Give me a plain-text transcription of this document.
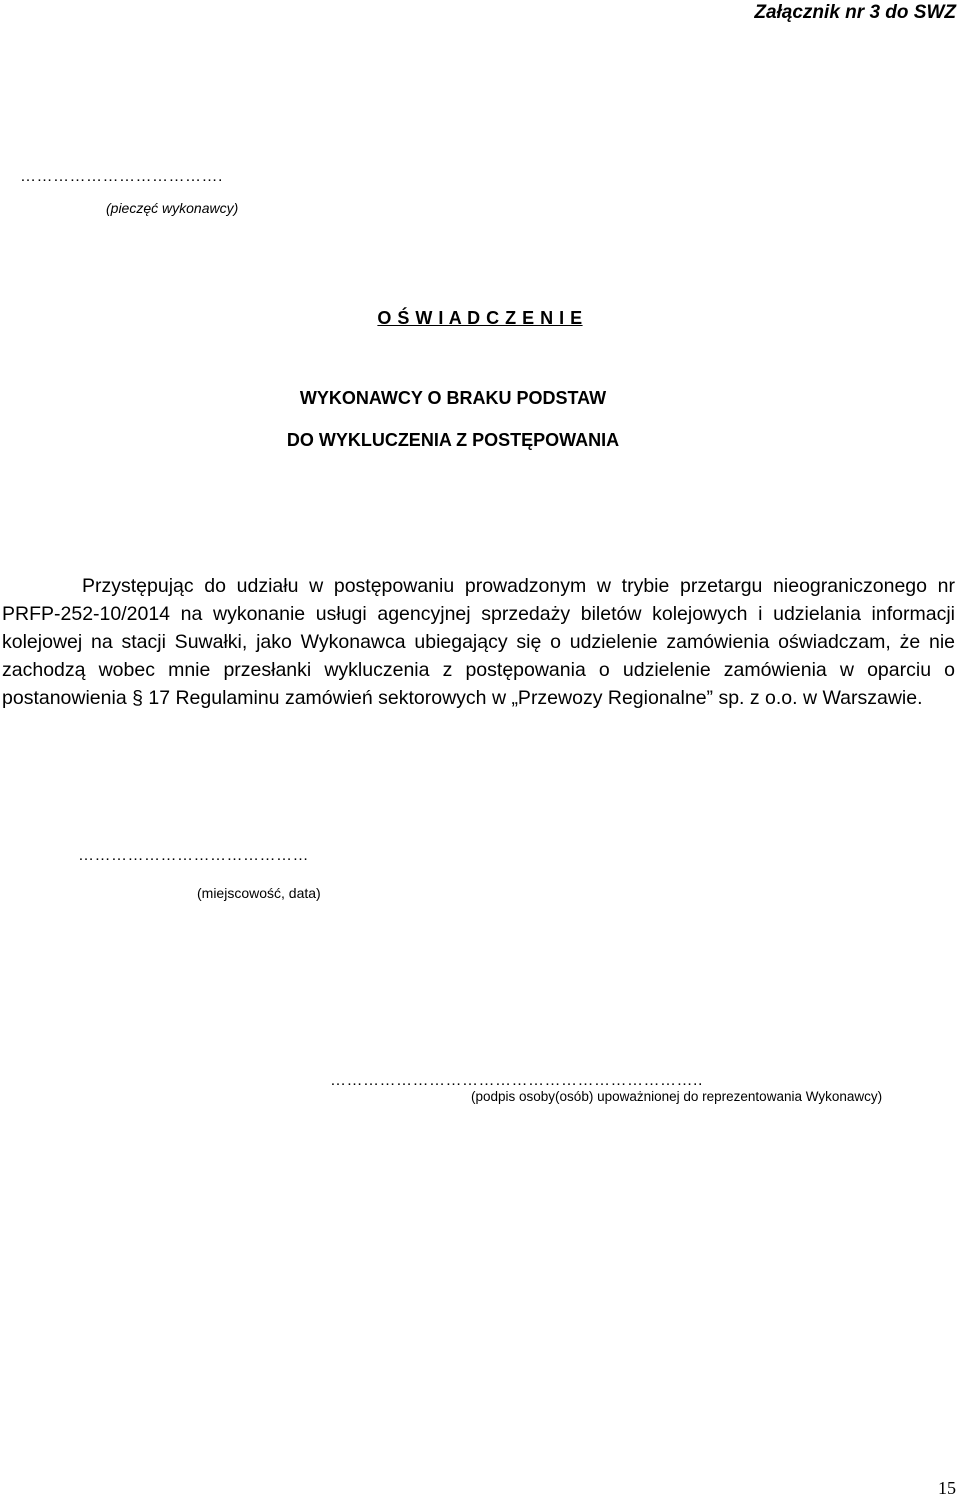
Załącznik nr 3 do SWZ
……………………………….
(pieczęć wykonawcy)
O Ś W I A D C Z E N I E
WYKONAWCY O BRAKU PODSTAW
DO WYKLUCZENIA Z POSTĘPOWANIA
Przystępując do udziału w postępowaniu prowadzonym w trybie przetargu nieograniczonego nr PRFP-252-10/2014 na wykonanie usługi agencyjnej sprzedaży biletów kolejowych i udzielania informacji kolejowej na stacji Suwałki, jako Wykonawca ubiegający się o udzielenie zamówienia oświadczam, że nie zachodzą wobec mnie przesłanki wykluczenia z postępowania o udzielenie zamówienia w oparciu o postanowienia § 17 Regulaminu zamówień sektorowych w „Przewozy Regionalne” sp. z o.o. w Warszawie.
……………………………………
(miejscowość, data)
…………………………………………………………..
(podpis osoby(osób) upoważnionej do reprezentowania Wykonawcy)
15
